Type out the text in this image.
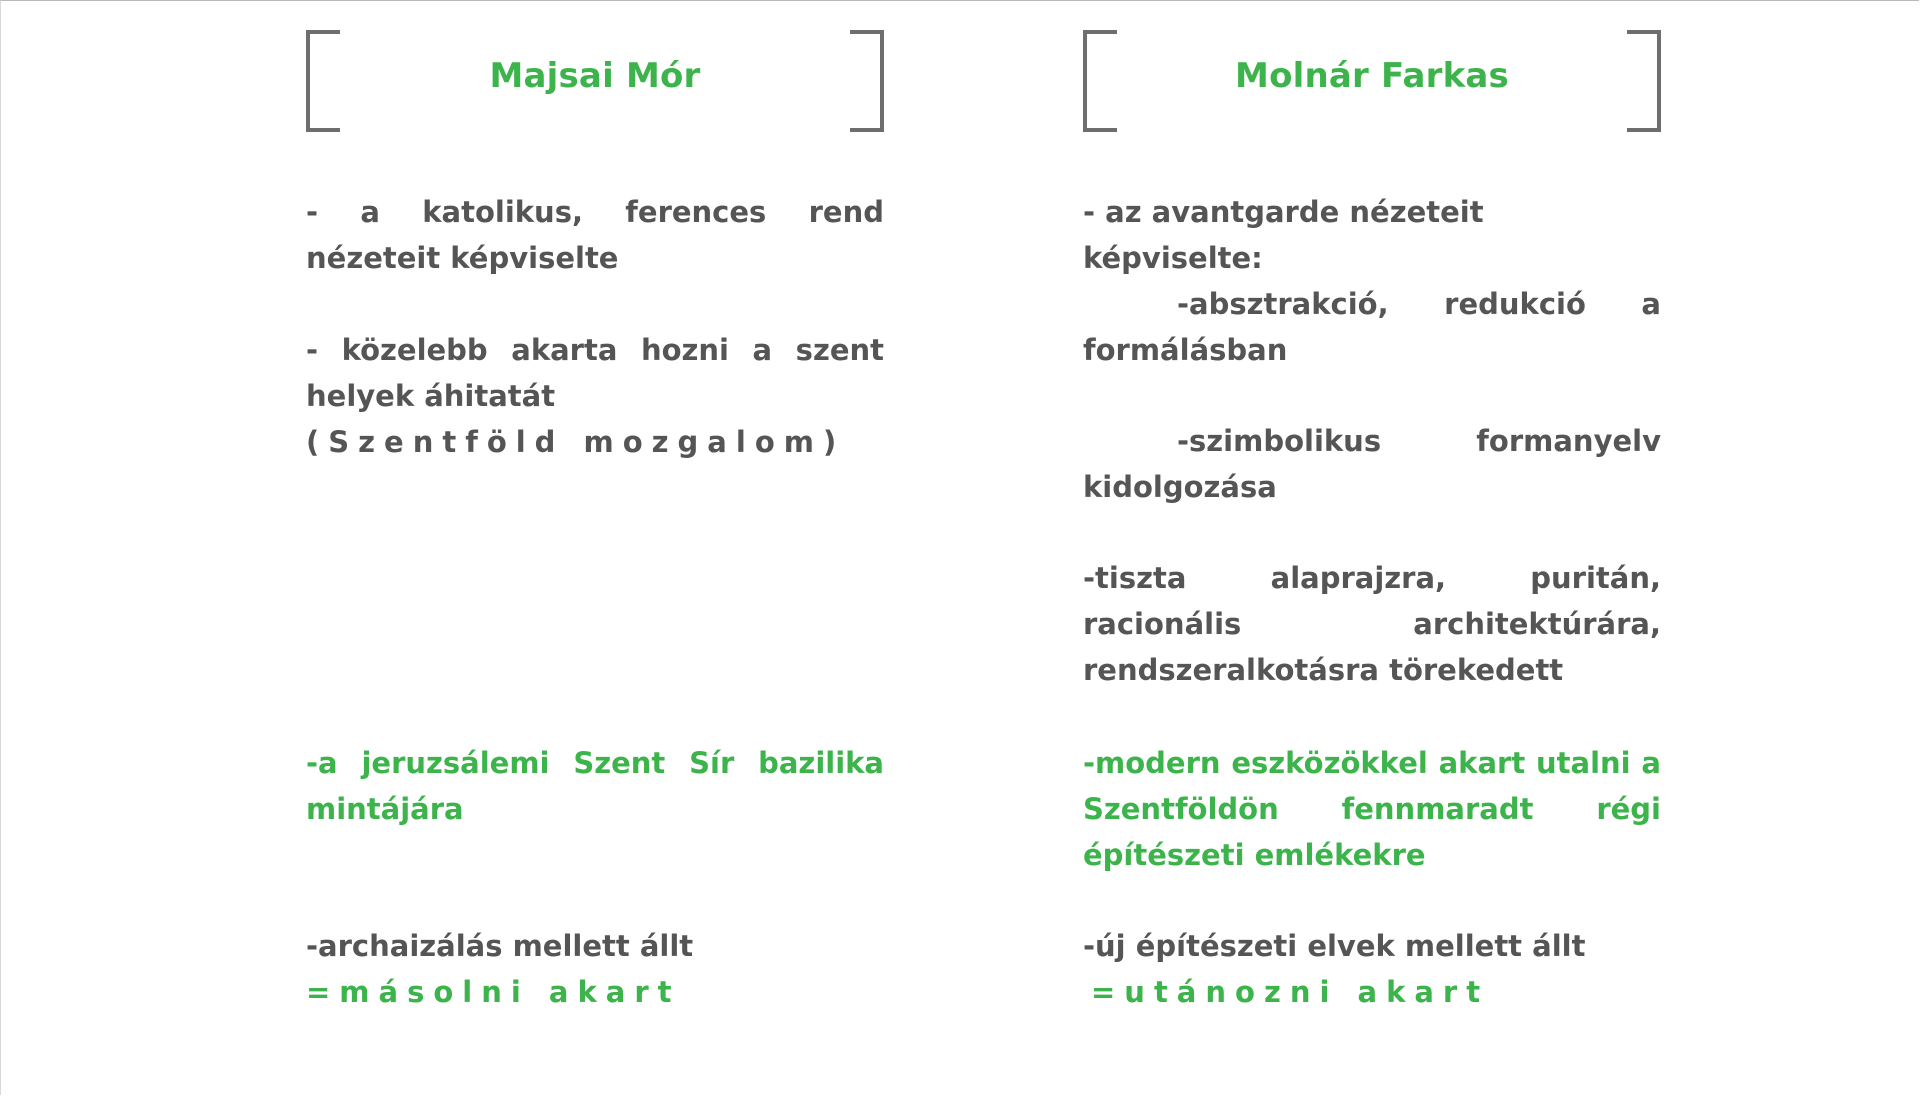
Majsai Mór

- a katolikus, ferences rend nézeteit képviselte

- közelebb akarta hozni a szent helyek áhitatát

(Szentföld mozgalom)

-a jeruzsálemi Szent Sír bazilika mintájára

-archaizálás mellett állt

=másolni akart

Molnár Farkas

- az avantgarde nézeteit képviselte:

-absztrakció, redukció a formálásban

-szimbolikus formanyelv kidolgozása

-tiszta alaprajzra, puritán, racionális architektúrára, rendszeralkotásra törekedett

-modern eszközökkel akart utalni a Szentföldön fennmaradt régi építészeti emlékekre

-új építészeti elvek mellett állt

=utánozni akart
